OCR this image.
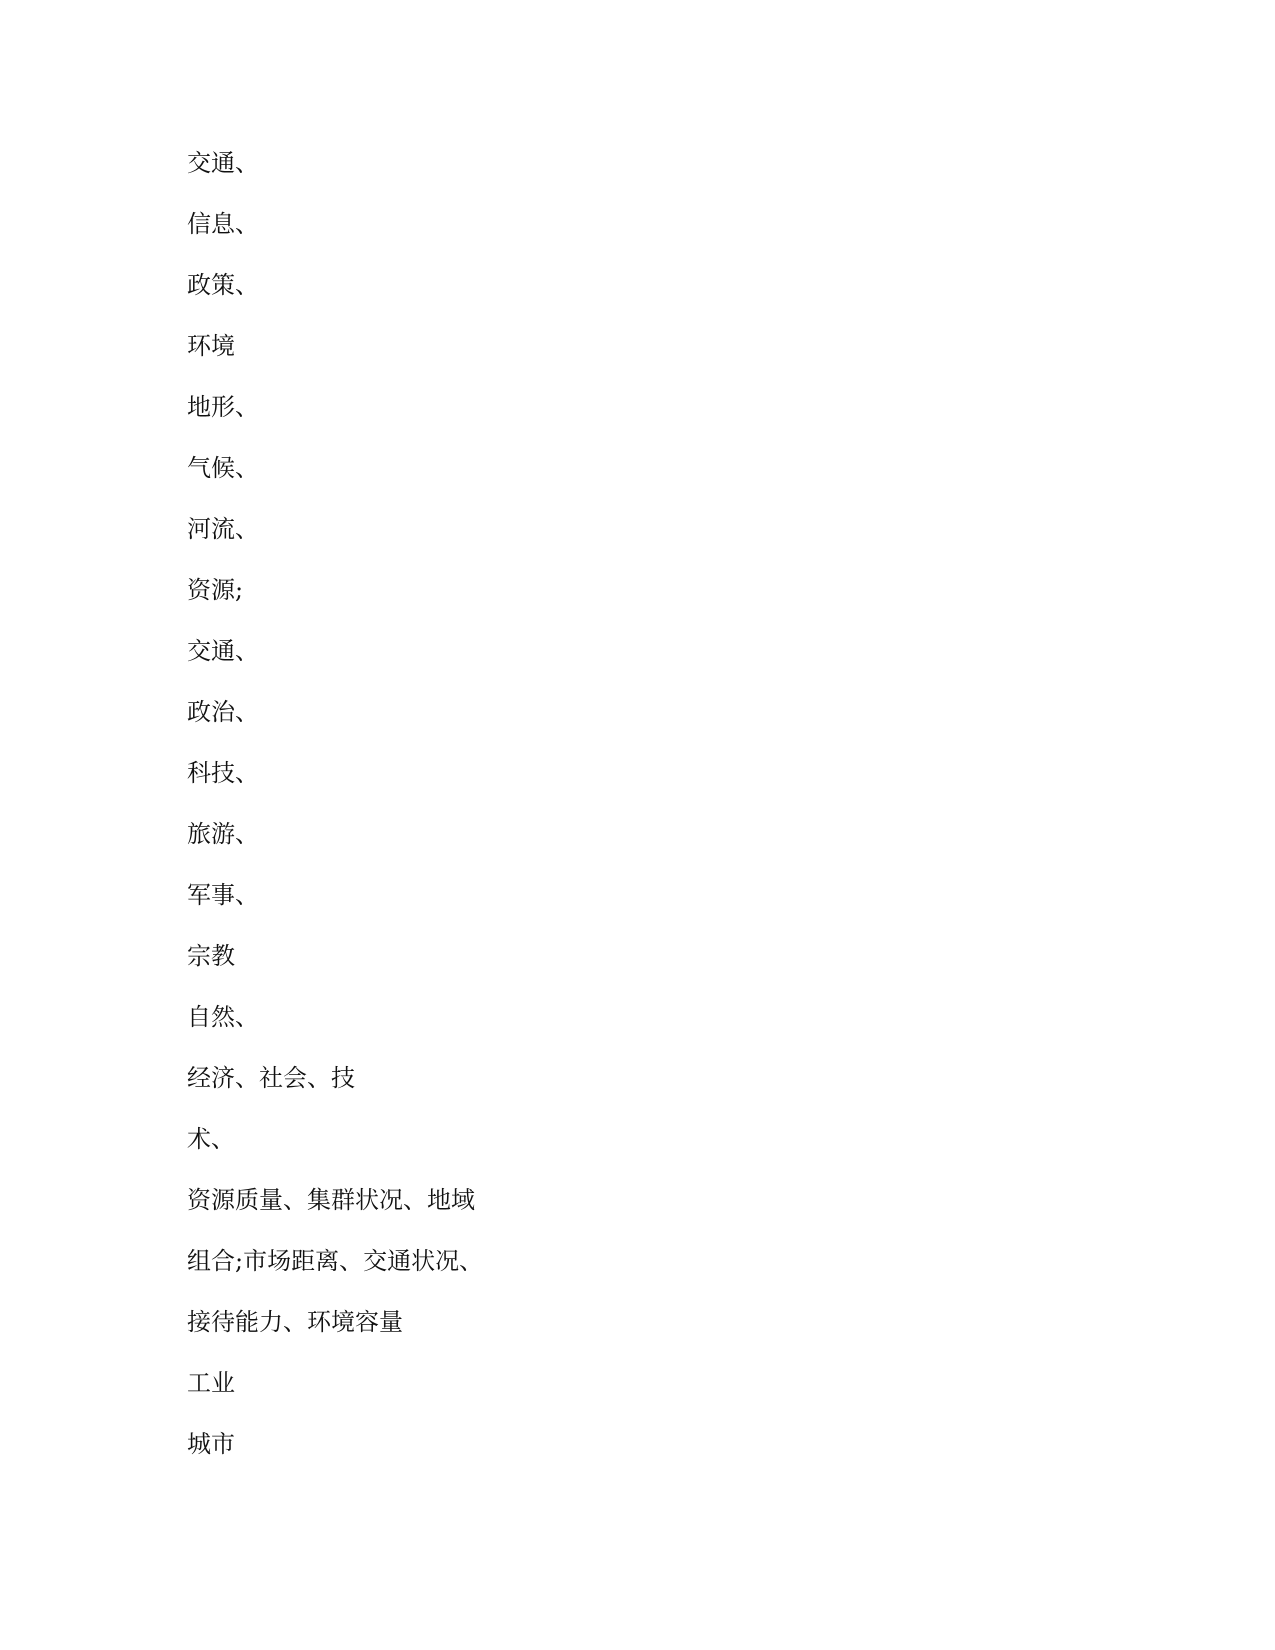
交通、
信息、
政策、
环境
地形、
气候、
河流、
资源;
交通、
政治、
科技、
旅游、
军事、
宗教
自然、
经济、社会、技
术、
资源质量、集群状况、地域
组合;市场距离、交通状况、
接待能力、环境容量
工业
城市
